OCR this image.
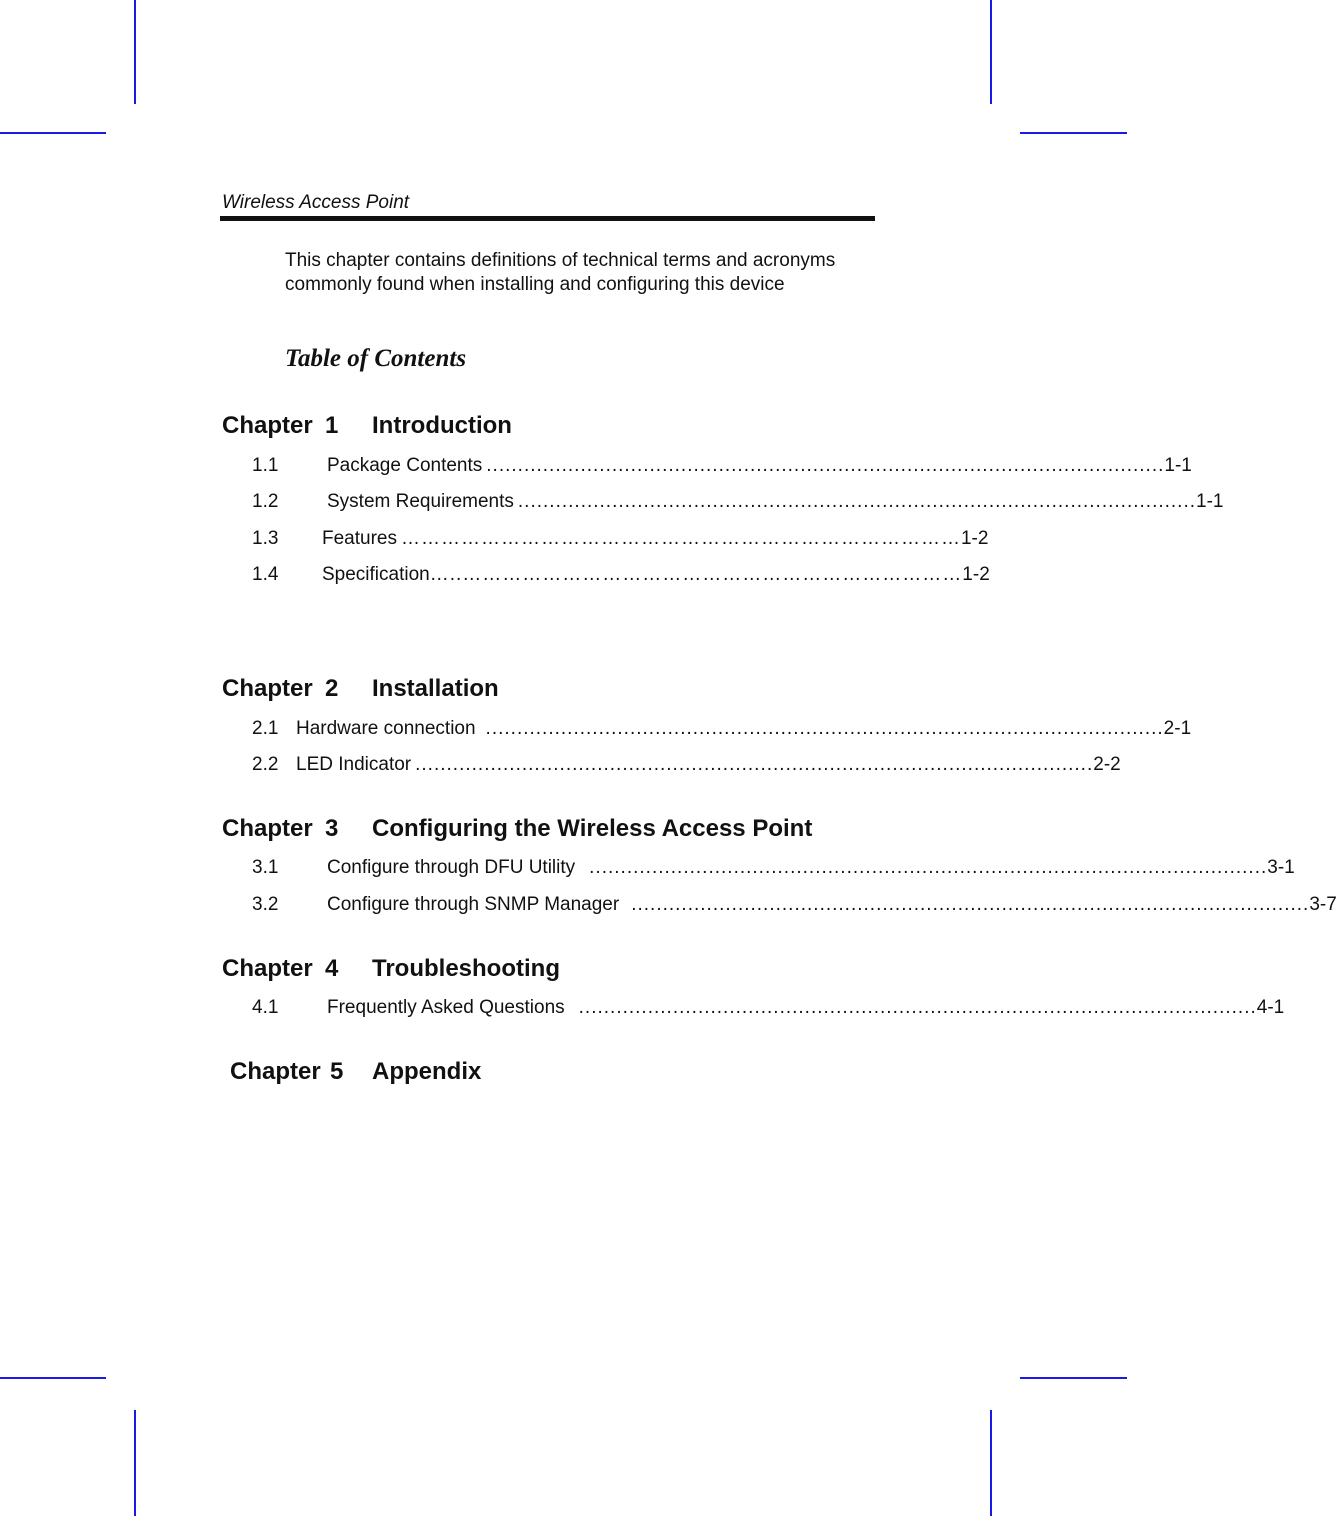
Wireless Access Point
This chapter contains definitions of technical terms and acronyms commonly found when installing and configuring this device
Table of Contents
Chapter 1 Introduction
1.1	Package Contents ............................................................................................................ 1-1
1.2	System Requirements ............................................................................................................ 1-1
1.3	Features ………………………………………………………………………… 1-2
1.4	Specification …..………………………………………………………………… 1-2
Chapter 2 Installation
2.1 Hardware connection ............................................................................................................ 2-1
2.2 LED Indicator ............................................................................................................ 2-2
Chapter 3 Configuring the Wireless Access Point
3.1	Configure through DFU Utility ............................................................................................................ 3-1
3.2	Configure through SNMP Manager ............................................................................................................ 3-7
Chapter 4 Troubleshooting
4.1	Frequently Asked Questions ............................................................................................................ 4-1
Chapter 5 Appendix
